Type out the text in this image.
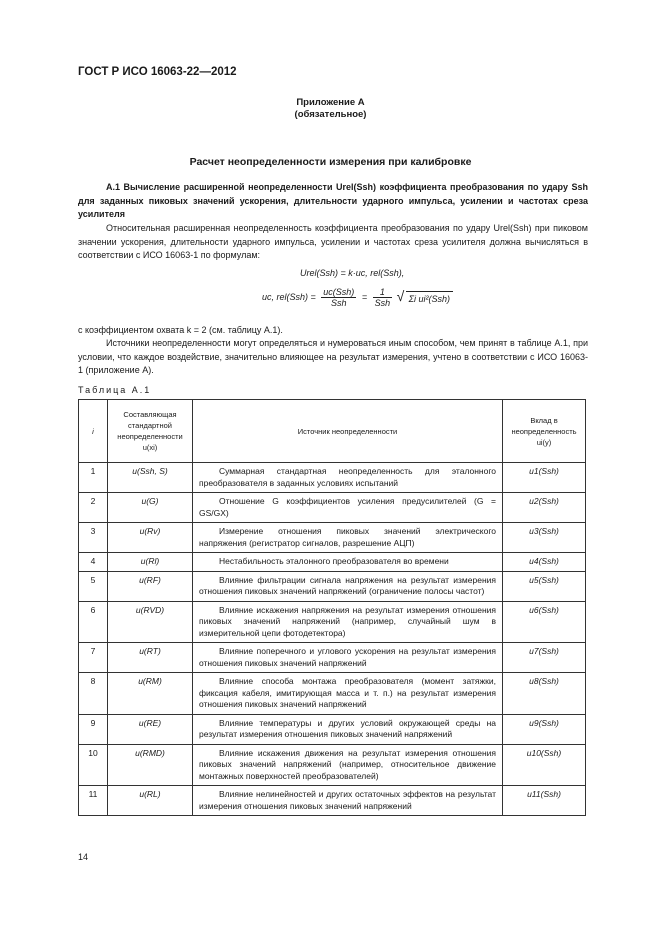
ГОСТ Р ИСО 16063-22—2012
Приложение А
(обязательное)
Расчет неопределенности измерения при калибровке
А.1 Вычисление расширенной неопределенности Urel(Ssh) коэффициента преобразования по удару Ssh для заданных пиковых значений ускорения, длительности ударного импульса, усилении и частотах среза усилителя
Относительная расширенная неопределенность коэффициента преобразования по удару Urel(Ssh) при пиковом значении ускорения, длительности ударного импульса, усилении и частотах среза усилителя должна вычисляться в соответствии с ИСО 16063-1 по формулам:
Urel(Ssh) = k·uc, rel(Ssh),
uc, $rel(Ssh) = \frac{\text{uc(Ssh)}}{\text{Ssh}} = \frac{1}{\text{Ssh}}$ √ Σi ui²(Ssh)
с коэффициентом охвата k = 2 (см. таблицу А.1).
Источники неопределенности могут определяться и нумероваться иным способом, чем принят в таблице А.1, при условии, что каждое воздействие, значительно влияющее на результат измерения, учтено в соответствии с ИСО 16063-1 (приложение А).
Таблица А.1
i	Составляющая стандартной неопределенности u(xi)	Источник неопределенности	Вклад в неопределенность ui(y)
1	u(Ssh, S)	Суммарная стандартная неопределенность для эталонного преобразователя в заданных условиях испытаний	u1(Ssh)
2	u(G)	Отношение G коэффициентов усиления предусилителей (G = GS/GX)	u2(Ssh)
3	u(Rv)	Измерение отношения пиковых значений электрического напряжения (регистратор сигналов, разрешение АЦП)	u3(Ssh)
4	u(Rl)	Нестабильность эталонного преобразователя во времени	u4(Ssh)
5	u(RF)	Влияние фильтрации сигнала напряжения на результат измерения отношения пиковых значений напряжений (ограничение полосы частот)	u5(Ssh)
6	u(RVD)	Влияние искажения напряжения на результат измерения отношения пиковых значений напряжений (например, случайный шум в измерительной цепи фотодетектора)	u6(Ssh)
7	u(RT)	Влияние поперечного и углового ускорения на результат измерения отношения пиковых значений напряжений	u7(Ssh)
8	u(RM)	Влияние способа монтажа преобразователя (момент затяжки, фиксация кабеля, имитирующая масса и т. п.) на результат измерения отношения пиковых значений напряжений	u8(Ssh)
9	u(RE)	Влияние температуры и других условий окружающей среды на результат измерения отношения пиковых значений напряжений	u9(Ssh)
10	u(RMD)	Влияние искажения движения на результат измерения отношения пиковых значений напряжений (например, относительное движение монтажных поверхностей преобразователей)	u10(Ssh)
11	u(RL)	Влияние нелинейностей и других остаточных эффектов на результат измерения отношения пиковых значений напряжений	u11(Ssh)
14
